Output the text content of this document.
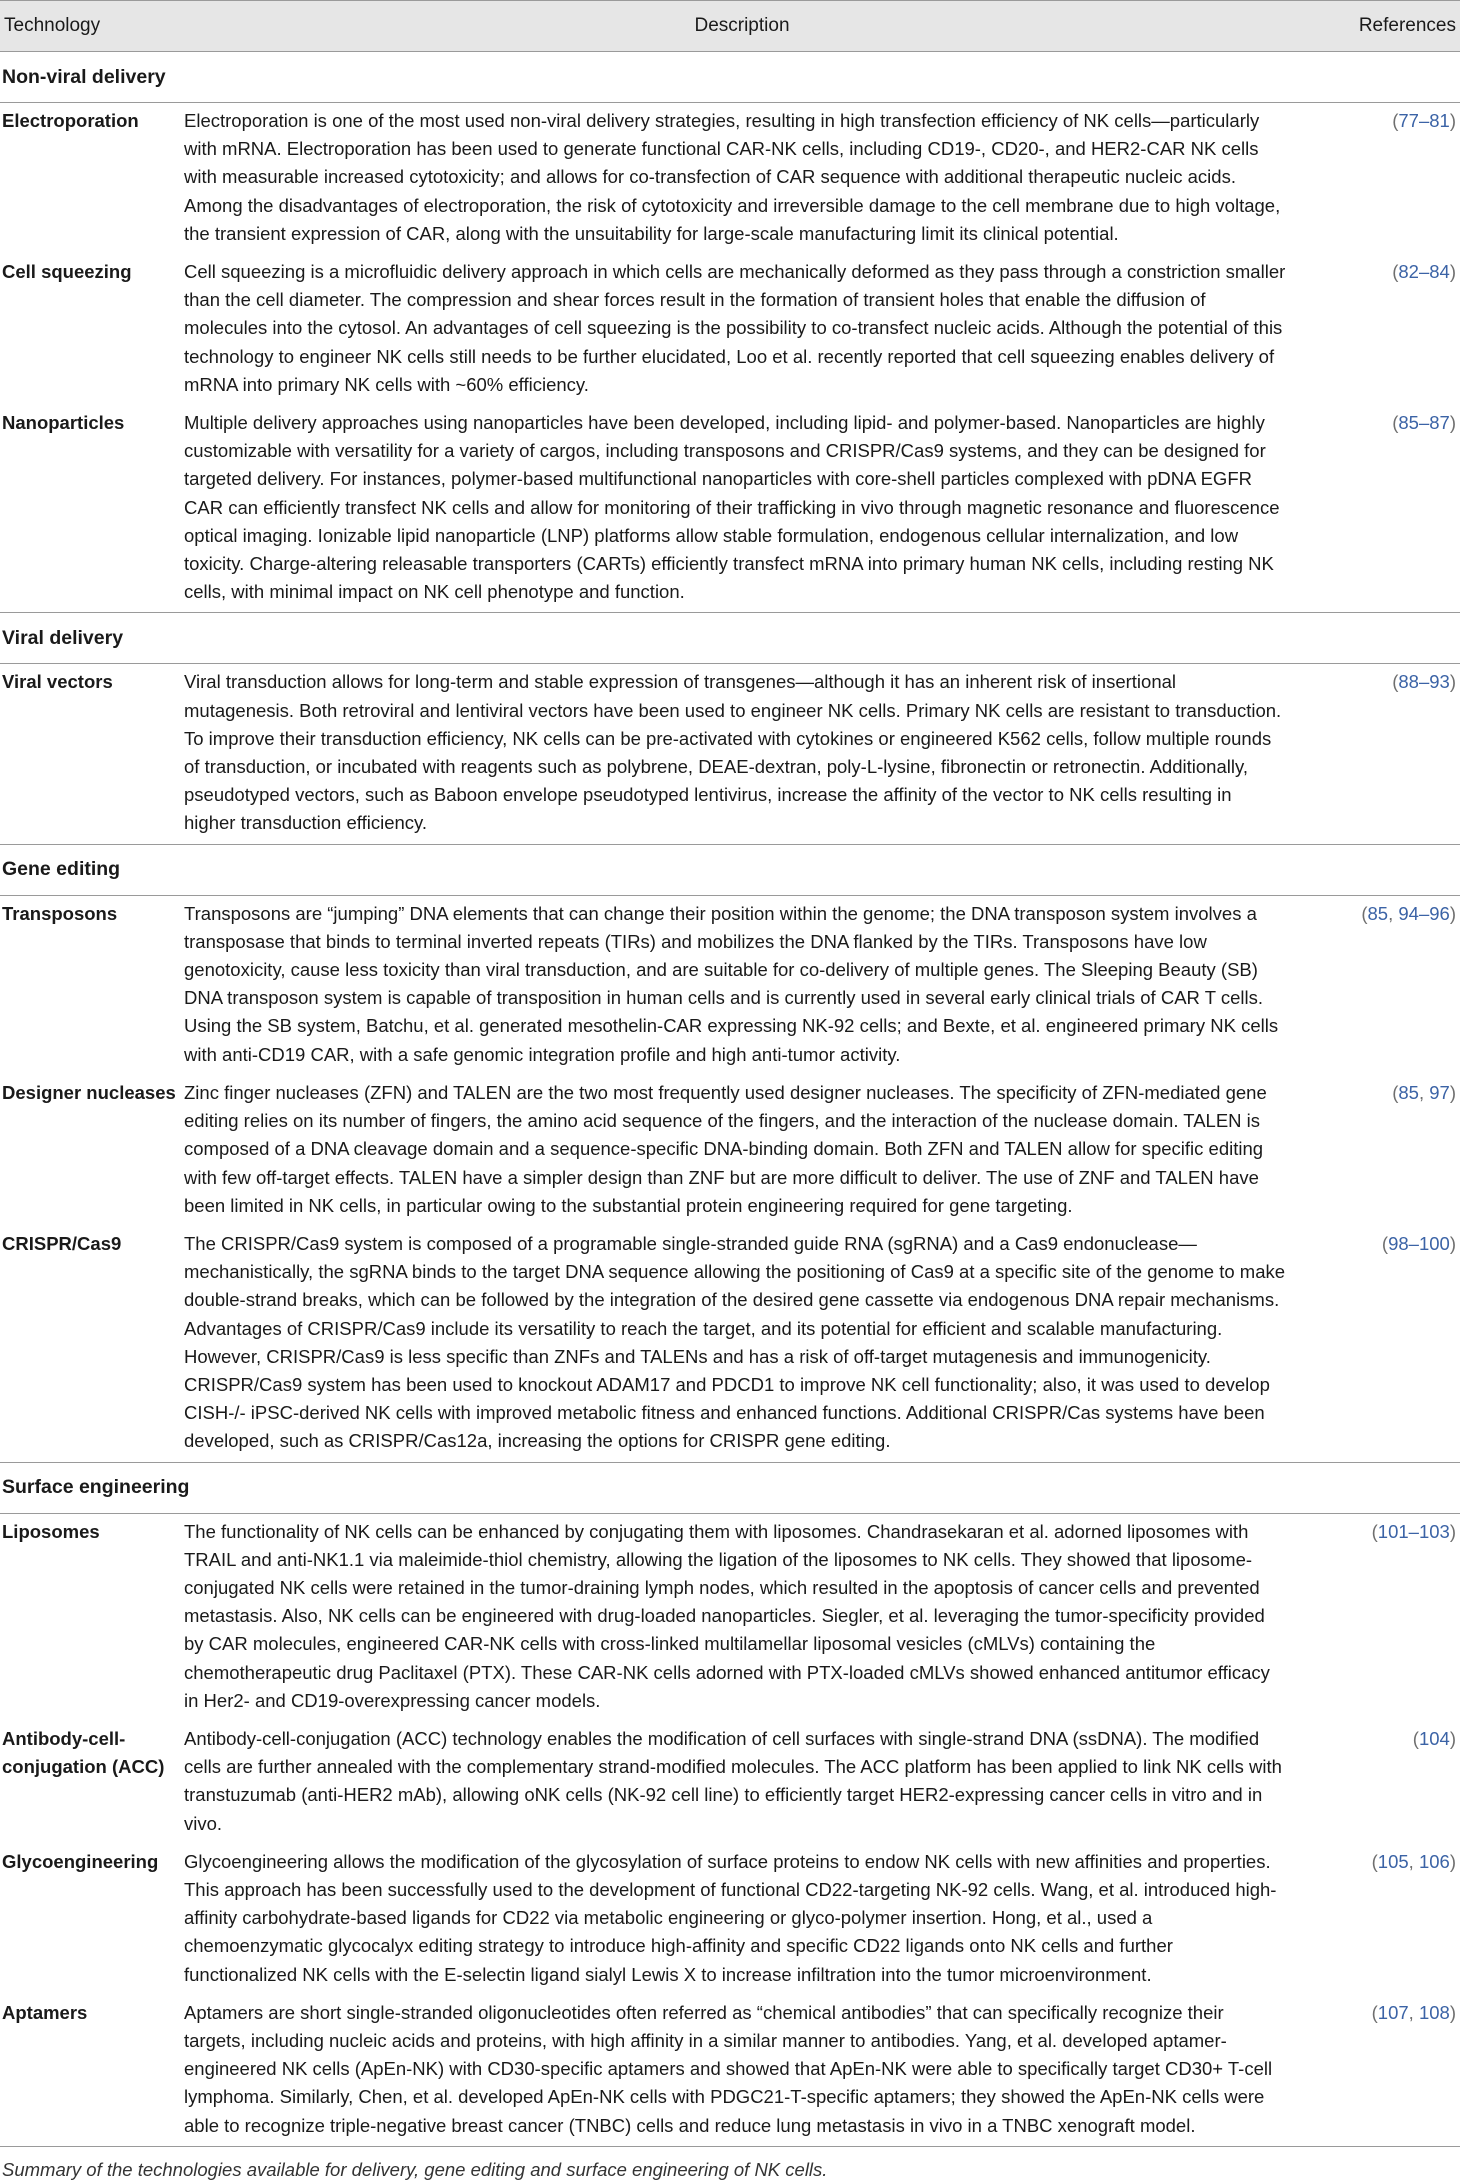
Technology	Description	References
Non-viral delivery		
Electroporation	Electroporation is one of the most used non-viral delivery strategies, resulting in high transfection efficiency of NK cells—particularly with mRNA. Electroporation has been used to generate functional CAR-NK cells, including CD19-, CD20-, and HER2-CAR NK cells with measurable increased cytotoxicity; and allows for co-transfection of CAR sequence with additional therapeutic nucleic acids. Among the disadvantages of electroporation, the risk of cytotoxicity and irreversible damage to the cell membrane due to high voltage, the transient expression of CAR, along with the unsuitability for large-scale manufacturing limit its clinical potential.	(77–81)
Cell squeezing	Cell squeezing is a microfluidic delivery approach in which cells are mechanically deformed as they pass through a constriction smaller than the cell diameter. The compression and shear forces result in the formation of transient holes that enable the diffusion of molecules into the cytosol. An advantages of cell squeezing is the possibility to co-transfect nucleic acids. Although the potential of this technology to engineer NK cells still needs to be further elucidated, Loo et al. recently reported that cell squeezing enables delivery of mRNA into primary NK cells with ~60% efficiency.	(82–84)
Nanoparticles	Multiple delivery approaches using nanoparticles have been developed, including lipid- and polymer-based. Nanoparticles are highly customizable with versatility for a variety of cargos, including transposons and CRISPR/Cas9 systems, and they can be designed for targeted delivery. For instances, polymer-based multifunctional nanoparticles with core-shell particles complexed with pDNA EGFR CAR can efficiently transfect NK cells and allow for monitoring of their trafficking in vivo through magnetic resonance and fluorescence optical imaging. Ionizable lipid nanoparticle (LNP) platforms allow stable formulation, endogenous cellular internalization, and low toxicity. Charge-altering releasable transporters (CARTs) efficiently transfect mRNA into primary human NK cells, including resting NK cells, with minimal impact on NK cell phenotype and function.	(85–87)
Viral delivery		
Viral vectors	Viral transduction allows for long-term and stable expression of transgenes—although it has an inherent risk of insertional mutagenesis. Both retroviral and lentiviral vectors have been used to engineer NK cells. Primary NK cells are resistant to transduction. To improve their transduction efficiency, NK cells can be pre-activated with cytokines or engineered K562 cells, follow multiple rounds of transduction, or incubated with reagents such as polybrene, DEAE-dextran, poly-L-lysine, fibronectin or retronectin. Additionally, pseudotyped vectors, such as Baboon envelope pseudotyped lentivirus, increase the affinity of the vector to NK cells resulting in higher transduction efficiency.	(88–93)
Gene editing		
Transposons	Transposons are “jumping” DNA elements that can change their position within the genome; the DNA transposon system involves a transposase that binds to terminal inverted repeats (TIRs) and mobilizes the DNA flanked by the TIRs. Transposons have low genotoxicity, cause less toxicity than viral transduction, and are suitable for co-delivery of multiple genes. The Sleeping Beauty (SB) DNA transposon system is capable of transposition in human cells and is currently used in several early clinical trials of CAR T cells. Using the SB system, Batchu, et al. generated mesothelin-CAR expressing NK-92 cells; and Bexte, et al. engineered primary NK cells with anti-CD19 CAR, with a safe genomic integration profile and high anti-tumor activity.	(85, 94–96)
Designer nucleases	Zinc finger nucleases (ZFN) and TALEN are the two most frequently used designer nucleases. The specificity of ZFN-mediated gene editing relies on its number of fingers, the amino acid sequence of the fingers, and the interaction of the nuclease domain. TALEN is composed of a DNA cleavage domain and a sequence-specific DNA-binding domain. Both ZFN and TALEN allow for specific editing with few off-target effects. TALEN have a simpler design than ZNF but are more difficult to deliver. The use of ZNF and TALEN have been limited in NK cells, in particular owing to the substantial protein engineering required for gene targeting.	(85, 97)
CRISPR/Cas9	The CRISPR/Cas9 system is composed of a programable single-stranded guide RNA (sgRNA) and a Cas9 endonuclease—mechanistically, the sgRNA binds to the target DNA sequence allowing the positioning of Cas9 at a specific site of the genome to make double-strand breaks, which can be followed by the integration of the desired gene cassette via endogenous DNA repair mechanisms. Advantages of CRISPR/Cas9 include its versatility to reach the target, and its potential for efficient and scalable manufacturing. However, CRISPR/Cas9 is less specific than ZNFs and TALENs and has a risk of off-target mutagenesis and immunogenicity. CRISPR/Cas9 system has been used to knockout ADAM17 and PDCD1 to improve NK cell functionality; also, it was used to develop CISH-/- iPSC-derived NK cells with improved metabolic fitness and enhanced functions. Additional CRISPR/Cas systems have been developed, such as CRISPR/Cas12a, increasing the options for CRISPR gene editing.	(98–100)
Surface engineering		
Liposomes	The functionality of NK cells can be enhanced by conjugating them with liposomes. Chandrasekaran et al. adorned liposomes with TRAIL and anti-NK1.1 via maleimide-thiol chemistry, allowing the ligation of the liposomes to NK cells. They showed that liposome-conjugated NK cells were retained in the tumor-draining lymph nodes, which resulted in the apoptosis of cancer cells and prevented metastasis. Also, NK cells can be engineered with drug-loaded nanoparticles. Siegler, et al. leveraging the tumor-specificity provided by CAR molecules, engineered CAR-NK cells with cross-linked multilamellar liposomal vesicles (cMLVs) containing the chemotherapeutic drug Paclitaxel (PTX). These CAR-NK cells adorned with PTX-loaded cMLVs showed enhanced antitumor efficacy in Her2- and CD19-overexpressing cancer models.	(101–103)
Antibody-cell-conjugation (ACC)	Antibody-cell-conjugation (ACC) technology enables the modification of cell surfaces with single-strand DNA (ssDNA). The modified cells are further annealed with the complementary strand-modified molecules. The ACC platform has been applied to link NK cells with transtuzumab (anti-HER2 mAb), allowing oNK cells (NK-92 cell line) to efficiently target HER2-expressing cancer cells in vitro and in vivo.	(104)
Glycoengineering	Glycoengineering allows the modification of the glycosylation of surface proteins to endow NK cells with new affinities and properties. This approach has been successfully used to the development of functional CD22-targeting NK-92 cells. Wang, et al. introduced high-affinity carbohydrate-based ligands for CD22 via metabolic engineering or glyco-polymer insertion. Hong, et al., used a chemoenzymatic glycocalyx editing strategy to introduce high-affinity and specific CD22 ligands onto NK cells and further functionalized NK cells with the E-selectin ligand sialyl Lewis X to increase infiltration into the tumor microenvironment.	(105, 106)
Aptamers	Aptamers are short single-stranded oligonucleotides often referred as “chemical antibodies” that can specifically recognize their targets, including nucleic acids and proteins, with high affinity in a similar manner to antibodies. Yang, et al. developed aptamer-engineered NK cells (ApEn-NK) with CD30-specific aptamers and showed that ApEn-NK were able to specifically target CD30+ T-cell lymphoma. Similarly, Chen, et al. developed ApEn-NK cells with PDGC21-T-specific aptamers; they showed the ApEn-NK cells were able to recognize triple-negative breast cancer (TNBC) cells and reduce lung metastasis in vivo in a TNBC xenograft model.	(107, 108)
Summary of the technologies available for delivery, gene editing and surface engineering of NK cells.
